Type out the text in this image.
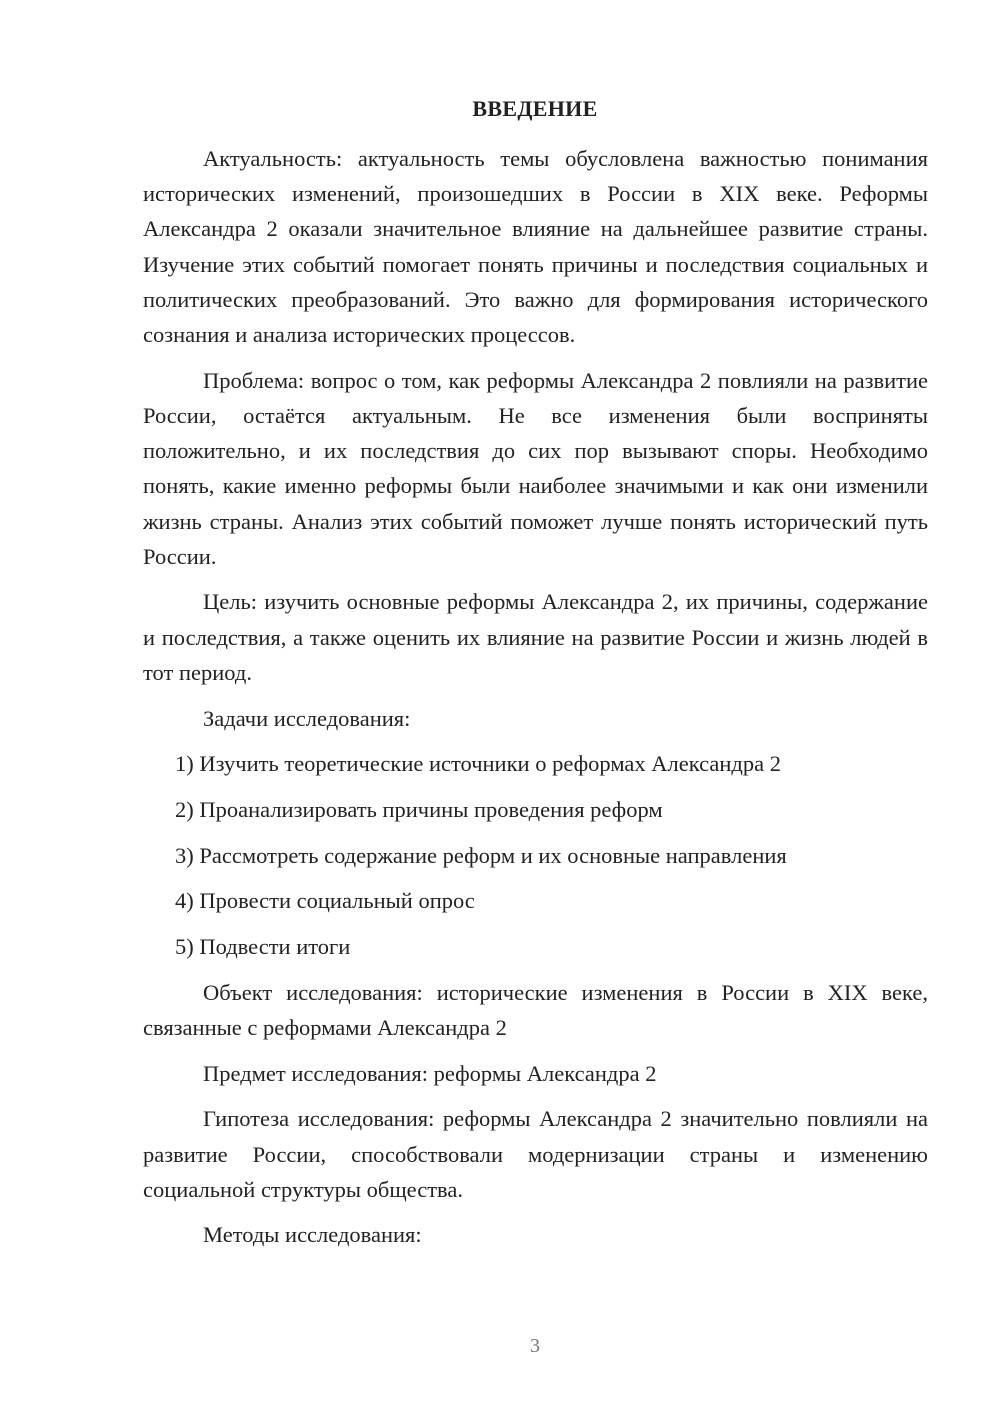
ВВЕДЕНИЕ

Актуальность: актуальность темы обусловлена важностью понимания исторических изменений, произошедших в России в XIX веке. Реформы Александра 2 оказали значительное влияние на дальнейшее развитие страны. Изучение этих событий помогает понять причины и последствия социальных и политических преобразований. Это важно для формирования исторического сознания и анализа исторических процессов.

Проблема: вопрос о том, как реформы Александра 2 повлияли на развитие России, остаётся актуальным. Не все изменения были восприняты положительно, и их последствия до сих пор вызывают споры. Необходимо понять, какие именно реформы были наиболее значимыми и как они изменили жизнь страны. Анализ этих событий поможет лучше понять исторический путь России.

Цель: изучить основные реформы Александра 2, их причины, содержание и последствия, а также оценить их влияние на развитие России и жизнь людей в тот период.

Задачи исследования:

1) Изучить теоретические источники о реформах Александра 2

2) Проанализировать причины проведения реформ

3) Рассмотреть содержание реформ и их основные направления

4) Провести социальный опрос

5) Подвести итоги

Объект исследования: исторические изменения в России в XIX веке, связанные с реформами Александра 2

Предмет исследования: реформы Александра 2

Гипотеза исследования: реформы Александра 2 значительно повлияли на развитие России, способствовали модернизации страны и изменению социальной структуры общества.

Методы исследования:

3
